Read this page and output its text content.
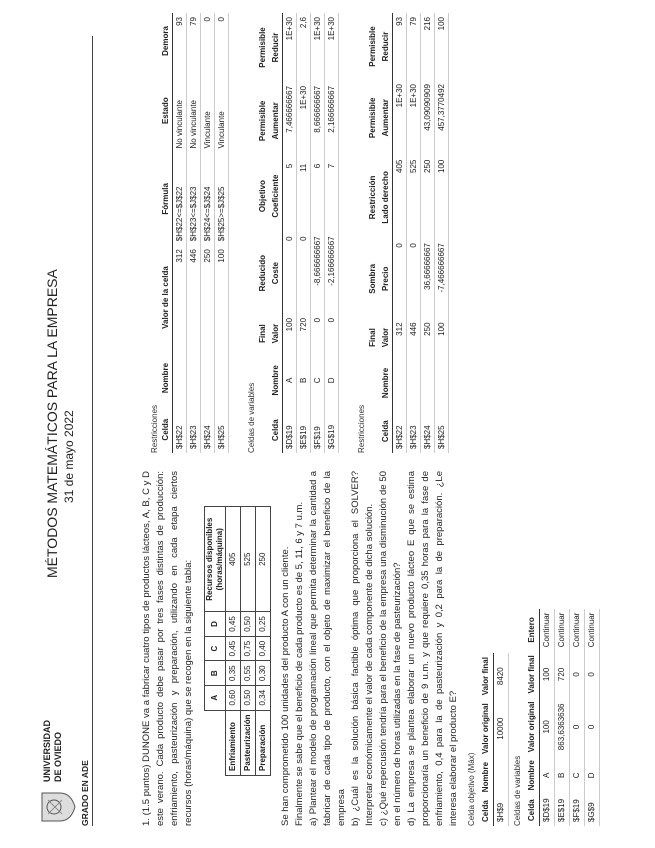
UNIVERSIDAD DE OVIEDO
GRADO EN ADE
MÉTODOS MATEMÁTICOS PARA LA EMPRESA 31 de mayo 2022
1. (1.5 puntos) DUNONE va a fabricar cuatro tipos de productos lácteos, A, B, C y D este verano. Cada producto debe pasar por tres fases distintas de producción: enfriamiento, pasteurización y preparación, utilizando en cada etapa ciertos recursos (horas/máquina) que se recogen en la siguiente tabla:
	A	B	C	D	Recursos disponibles (horas/máquina)
Enfriamiento	0,60	0,35	0,45	0,45	405
Pasteurización	0,50	0,55	0,75	0,50	525
Preparación	0,34	0,30	0,40	0,25	250 Se han comprometido 100 unidades del producto A con un cliente. Finalmente se sabe que el beneficio de cada producto es de 5, 11, 6 y 7 u.m. a) Plantear el modelo de programación lineal que permita determinar la cantidad a fabricar de cada tipo de producto, con el objeto de maximizar el beneficio de la empresa b) ¿Cuál es la solución básica factible óptima que proporciona el SOLVER? Interpretar económicamente el valor de cada componente de dicha solución. c) ¿Qué repercusión tendría para el beneficio de la empresa una disminución de 50 en el número de horas utilizadas en la fase de pasteurización? d) La empresa se plantea elaborar un nuevo producto lácteo E que se estima proporcionaría un beneficio de 9 u.m. y que requiere 0,35 horas para la fase de enfriamiento, 0,4 para la de pasteurización y 0,2 para la de preparación. ¿Le interesa elaborar el producto E? Celda objetivo (Máx) Celda	Nombre	Valor original	Valor final
$H$9		10000	8420
Celdas de variables Celda	Nombre	Valor original	Valor final	Entero
$D$19	A	100	100	Continuar
$E$19	B	863,6363636	720	Continuar
$F$19	C	0	0	Continuar
$G$9	D	0	0	Continuar
Restricciones Celda	Nombre	Valor de la celda	Fórmula	Estado	Demora
$H$22		312	$H$22<=$J$22	No vinculante	93
$H$23		446	$H$23<=$J$23	No vinculante	79
$H$24		250	$H$24<=$J$24	Vinculante	0
$H$25		100	$H$25>=$J$25	Vinculante	0
Celdas de variables
		Final	Reducido	Objetivo	Permisible	Permisible
Celda	Nombre	Valor	Coste	Coeficiente	Aumentar	Reducir
$D$19	A	100	0	5	7,466666667	1E+30
$E$19	B	720	0	11	1E+30	2,6
$F$19	C	0	-8,666666667	6	8,666666667	1E+30
$G$19	D	0	-2,166666667	7	2,166666667	1E+30
Restricciones
		Final	Sombra	Restricción	Permisible	Permisible
Celda	Nombre	Valor	Precio	Lado derecho	Aumentar	Reducir
$H$22		312	0	405	1E+30	93
$H$23		446	0	525	1E+30	79
$H$24		250	36,66666667	250	43,09090909	216
$H$25		100	-7,466666667	100	457,3770492	100
